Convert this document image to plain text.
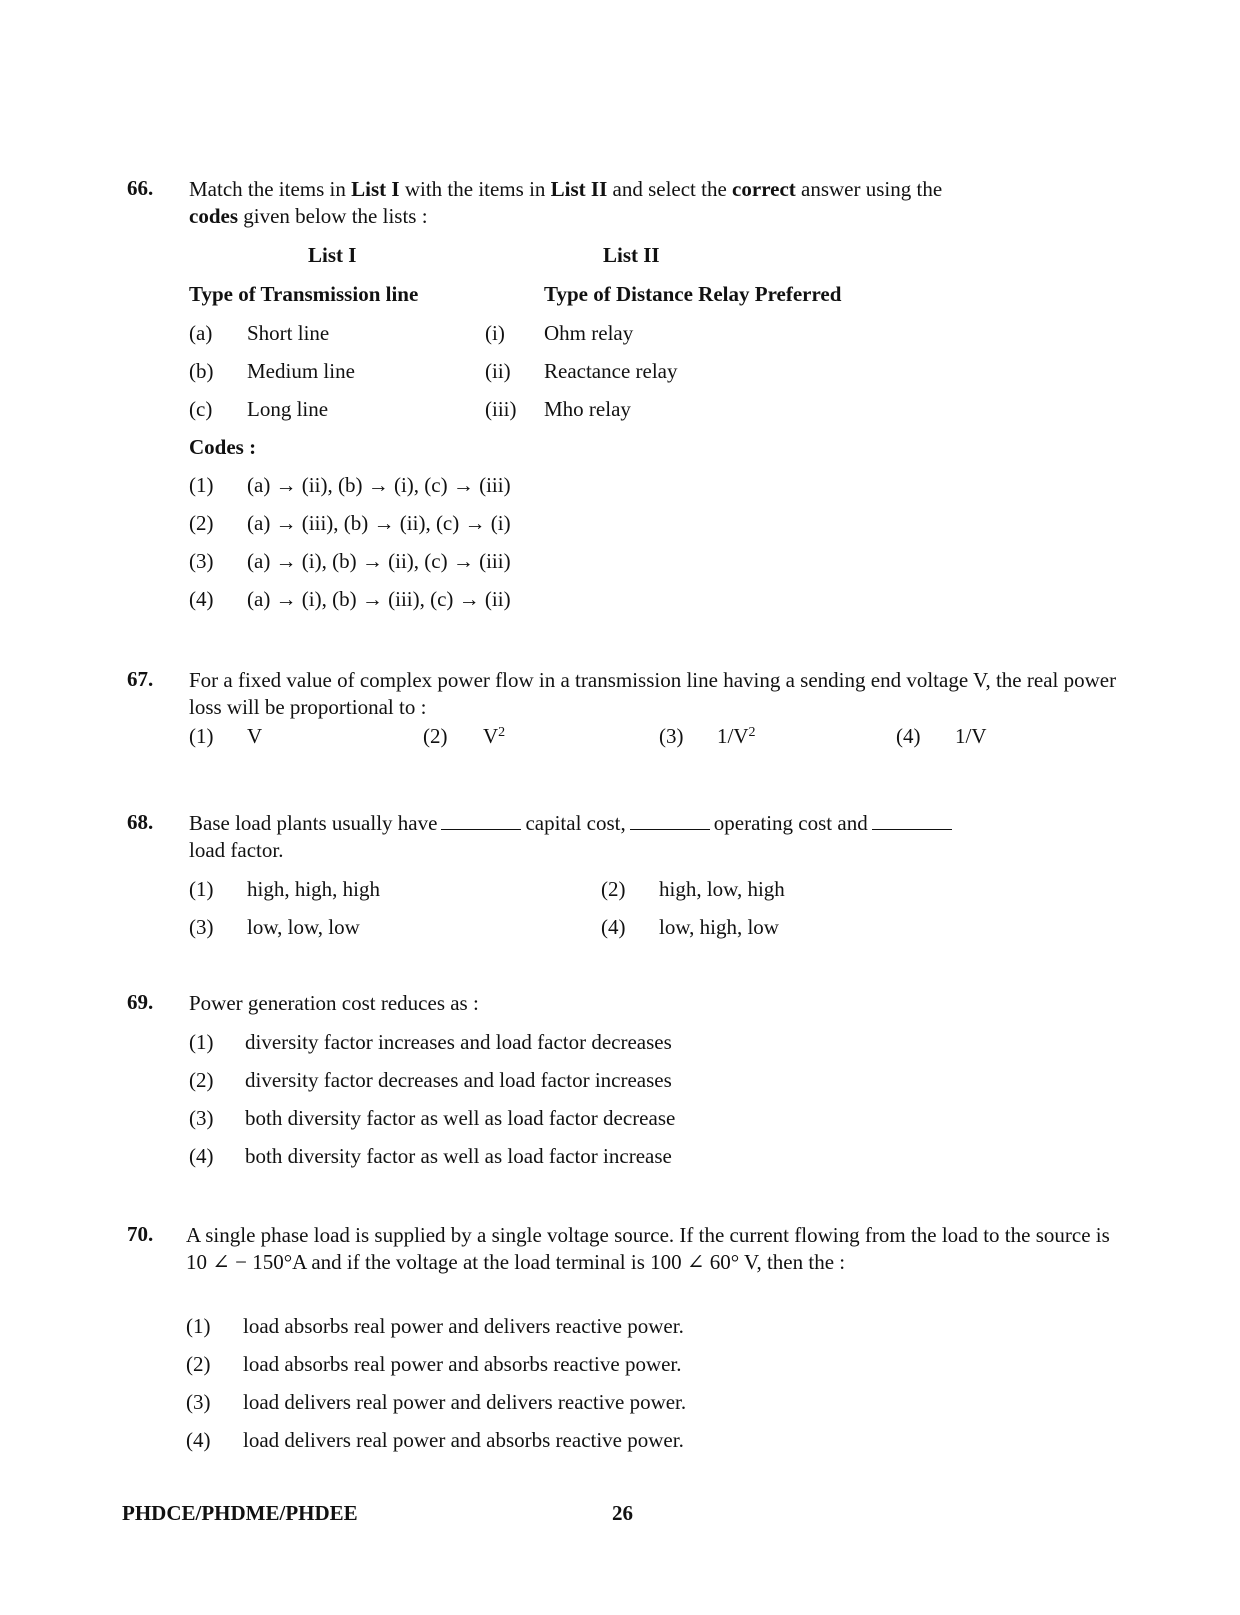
66. Match the items in List I with the items in List II and select the correct answer using the
codes given below the lists :
List I	List II
Type of Transmission line	Type of Distance Relay Preferred
(a) Short line	(i) Ohm relay
(b) Medium line	(ii) Reactance relay
(c) Long line	(iii) Mho relay
Codes :
(1) (a) → (ii), (b) → (i), (c) → (iii)
(2) (a) → (iii), (b) → (ii), (c) → (i)
(3) (a) → (i), (b) → (ii), (c) → (iii)
(4) (a) → (i), (b) → (iii), (c) → (ii)
67. For a fixed value of complex power flow in a transmission line having a sending end voltage V, the real power loss will be proportional to :
(1) V	(2) $V^2$	(3) $1/V^2$	(4) 1/V
68. Base load plants usually have	capital cost,	operating cost and
load factor.
(1) high, high, high	(2) high, low, high
(3) low, low, low	(4) low, high, low
69. Power generation cost reduces as :
(1) diversity factor increases and load factor decreases
(2) diversity factor decreases and load factor increases
(3) both diversity factor as well as load factor decrease
(4) both diversity factor as well as load factor increase
70. A single phase load is supplied by a single voltage source. If the current flowing from the load to the source is 10 ∠ − 150°A and if the voltage at the load terminal is 100 ∠ 60° V, then the :
(1) load absorbs real power and delivers reactive power.
(2) load absorbs real power and absorbs reactive power.
(3) load delivers real power and delivers reactive power.
(4) load delivers real power and absorbs reactive power.
PHDCE/PHDME/PHDEE	26
